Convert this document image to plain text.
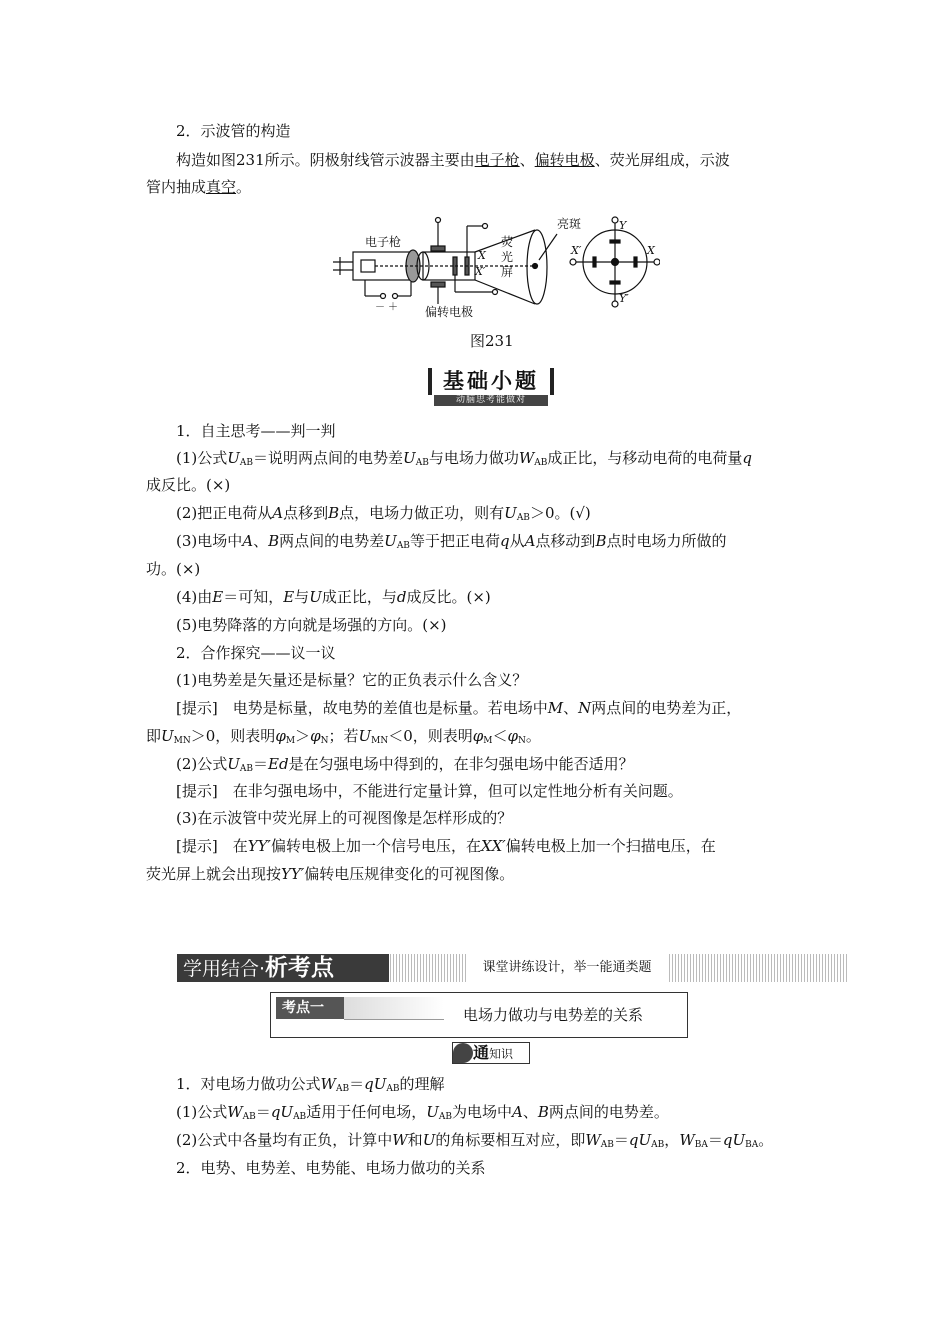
2．示波管的构造
构造如图231所示。阴极射线管示波器主要由电子枪、偏转电极、荧光屏组成，示波
管内抽成真空。
电子枪
偏转电极
荧
光
屏
亮斑
－ ＋
X
X′
Y
Y′
X′	X
图231
基础小题
动脑思考能做对
1．自主思考——判一判
(1)公式$U_{AB}=$说明两点间的电势差$U_{AB}$与电场力做功$W_{AB}$成正比，与移动电荷的电荷量q
成反比。(×)
(2)把正电荷从A点移到B点，电场力做正功，则有$U_{AB}>0$。(√)
(3)电场中A、B两点间的电势差$U_{AB}$等于把正电荷q从A点移动到B点时电场力所做的
功。(×)
(4)由E＝可知，E与U成正比，与d成反比。(×)
(5)电势降落的方向就是场强的方向。(×)
2．合作探究——议一议
(1)电势差是矢量还是标量？它的正负表示什么含义？
[提示]　电势是标量，故电势的差值也是标量。若电场中M、N两点间的电势差为正，
即$U_{MN}>0$，则表明$\varphi_M>\varphi_N$；若$U_{MN}<0$，则表明$\varphi_M<\varphi_N$。
(2)公式$U_{AB}=Ed$是在匀强电场中得到的，在非匀强电场中能否适用？
[提示]　在非匀强电场中，不能进行定量计算，但可以定性地分析有关问题。
(3)在示波管中荧光屏上的可视图像是怎样形成的？
[提示]　在YY′偏转电极上加一个信号电压，在XX′偏转电极上加一个扫描电压，在
荧光屏上就会出现按YY′偏转电压规律变化的可视图像。
学用结合·析考点	课堂讲练设计，举一能通类题
考点一	电场力做功与电势差的关系
通知识
1．对电场力做功公式$W_{AB}=qU_{AB}$的理解
(1)公式$W_{AB}=qU_{AB}$适用于任何电场，$U_{AB}$为电场中A、B两点间的电势差。
(2)公式中各量均有正负，计算中W和U的角标要相互对应，即$W_{AB}=qU_{AB}$，$W_{BA}=qU_{BA}$。
2．电势、电势差、电势能、电场力做功的关系
